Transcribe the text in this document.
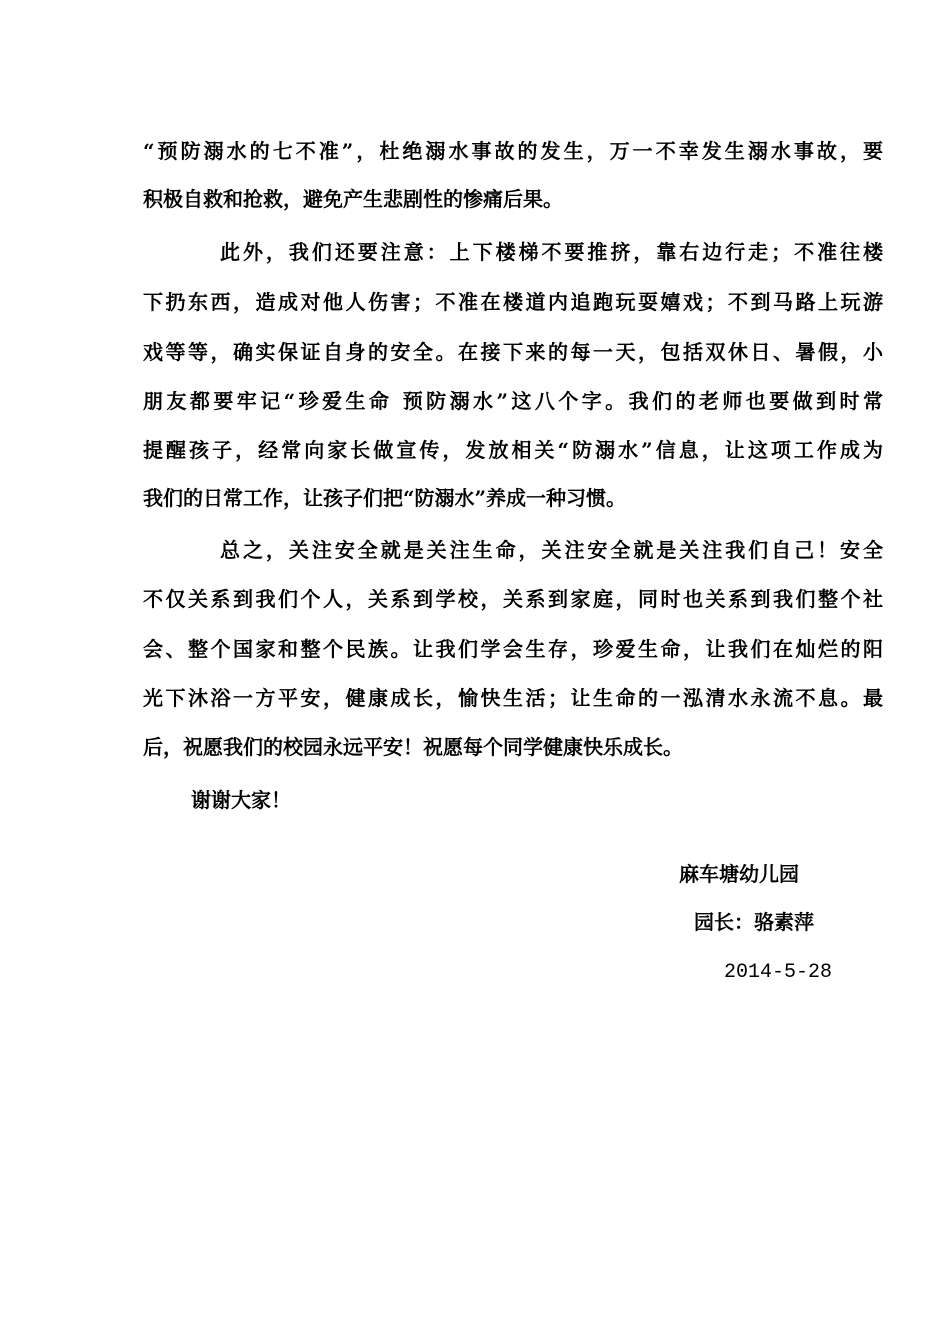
“预防溺水的七不准”，杜绝溺水事故的发生，万一不幸发生溺水事故，要
积极自救和抢救，避免产生悲剧性的惨痛后果。
此外，我们还要注意：上下楼梯不要推挤，靠右边行走；不准往楼
下扔东西，造成对他人伤害；不准在楼道内追跑玩耍嬉戏；不到马路上玩游
戏等等，确实保证自身的安全。在接下来的每一天，包括双休日、暑假，小
朋友都要牢记“珍爱生命 预防溺水”这八个字。我们的老师也要做到时常
提醒孩子，经常向家长做宣传，发放相关“防溺水”信息，让这项工作成为
我们的日常工作，让孩子们把“防溺水”养成一种习惯。
总之，关注安全就是关注生命，关注安全就是关注我们自己！安全
不仅关系到我们个人，关系到学校，关系到家庭，同时也关系到我们整个社
会、整个国家和整个民族。让我们学会生存，珍爱生命，让我们在灿烂的阳
光下沐浴一方平安，健康成长，愉快生活；让生命的一泓清水永流不息。最
后，祝愿我们的校园永远平安！祝愿每个同学健康快乐成长。
谢谢大家！
麻车塘幼儿园
园长：骆素萍
2014-5-28
